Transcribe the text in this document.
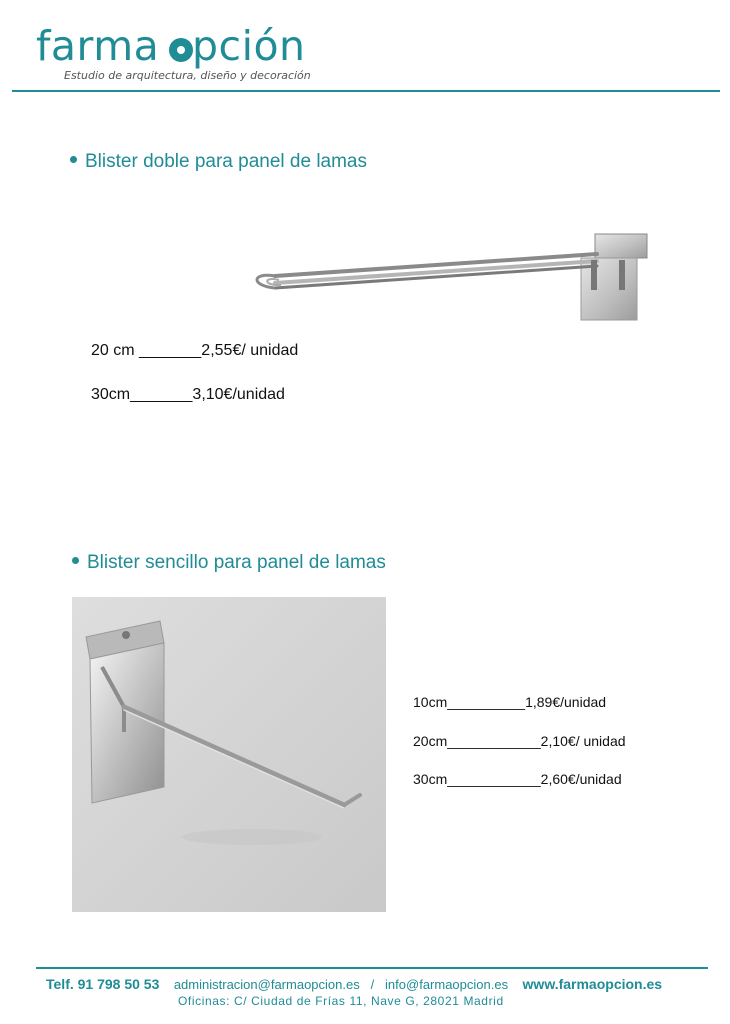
farma pción
Estudio de arquitectura, diseño y decoración
Blister doble para panel de lamas
20 cm _______2,55€/ unidad
30cm_______3,10€/unidad
Blister sencillo para panel de lamas
10cm__________1,89€/unidad
20cm____________2,10€/ unidad
30cm____________2,60€/unidad
Telf. 91 798 50 53 administracion@farmaopcion.es / info@farmaopcion.es www.farmaopcion.es
Oficinas: C/ Ciudad de Frías 11, Nave G, 28021 Madrid
